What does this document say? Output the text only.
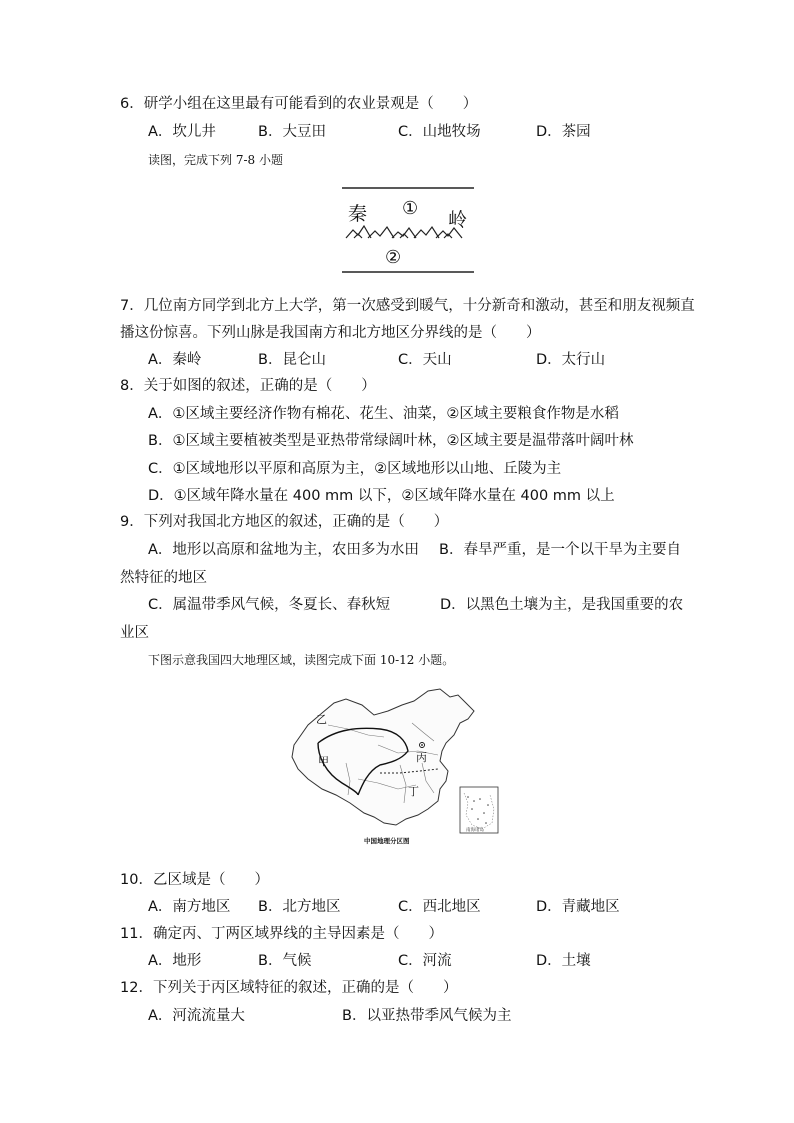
6．研学小组在这里最有可能看到的农业景观是（　　）
A．坎儿井	B．大豆田	C．山地牧场	D．茶园
读图，完成下列 7-8 小题
秦	岭
①
②
7．几位南方同学到北方上大学，第一次感受到暖气，十分新奇和激动，甚至和朋友视频直
播这份惊喜。下列山脉是我国南方和北方地区分界线的是（　　）
A．秦岭	B．昆仑山	C．天山	D．太行山
8．关于如图的叙述，正确的是（　　）
A．①区域主要经济作物有棉花、花生、油菜，②区域主要粮食作物是水稻
B．①区域主要植被类型是亚热带常绿阔叶林，②区域主要是温带落叶阔叶林
C．①区域地形以平原和高原为主，②区域地形以山地、丘陵为主
D．①区域年降水量在 400 mm 以下，②区域年降水量在 400 mm 以上
9．下列对我国北方地区的叙述，正确的是（　　）
A．地形以高原和盆地为主，农田多为水田 B．春旱严重，是一个以干旱为主要自
然特征的地区
C．属温带季风气候，冬夏长、春秋短	D．以黑色土壤为主，是我国重要的农
业区
下图示意我国四大地理区域，读图完成下面 10-12 小题。
乙
甲	丙
丁
南海诸岛
中国地理分区图
10．乙区域是（　　）
A．南方地区 B．北方地区	C．西北地区	D．青藏地区
11．确定丙、丁两区域界线的主导因素是（　　）
A．地形	B．气候	C．河流	D．土壤
12．下列关于丙区域特征的叙述，正确的是（　　）
A．河流流量大	B．以亚热带季风气候为主
